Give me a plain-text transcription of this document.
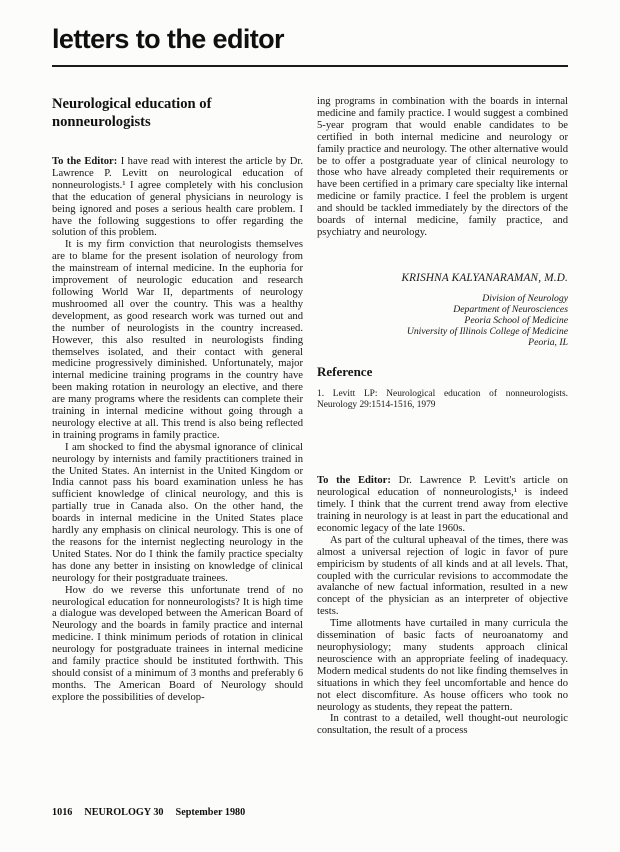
letters to the editor
Neurological education of nonneurologists

To the Editor: I have read with interest the article by Dr. Lawrence P. Levitt on neurological education of nonneurologists.¹ I agree completely with his conclusion that the education of general physicians in neurology is being ignored and poses a serious health care problem. I have the following suggestions to offer regarding the solution of this problem.

It is my firm conviction that neurologists themselves are to blame for the present isolation of neurology from the mainstream of internal medicine. In the euphoria for improvement of neurologic education and research following World War II, departments of neurology mushroomed all over the country. This was a healthy development, as good research work was turned out and the number of neurologists in the country increased. However, this also resulted in neurologists finding themselves isolated, and their contact with general medicine progressively diminished. Unfortunately, major internal medicine training programs in the country have been making rotation in neurology an elective, and there are many programs where the residents can complete their training in internal medicine without going through a neurology elective at all. This trend is also being reflected in training programs in family practice.

I am shocked to find the abysmal ignorance of clinical neurology by internists and family practitioners trained in the United States. An internist in the United Kingdom or India cannot pass his board examination unless he has sufficient knowledge of clinical neurology, and this is partially true in Canada also. On the other hand, the boards in internal medicine in the United States place hardly any emphasis on clinical neurology. This is one of the reasons for the internist neglecting neurology in the United States. Nor do I think the family practice specialty has done any better in insisting on knowledge of clinical neurology for their postgraduate trainees.

How do we reverse this unfortunate trend of no neurological education for nonneurologists? It is high time a dialogue was developed between the American Board of Neurology and the boards in family practice and internal medicine. I think minimum periods of rotation in clinical neurology for postgraduate trainees in internal medicine and family practice should be instituted forthwith. This should consist of a minimum of 3 months and preferably 6 months. The American Board of Neurology should explore the possibilities of develop-

ing programs in combination with the boards in internal medicine and family practice. I would suggest a combined 5-year program that would enable candidates to be certified in both internal medicine and neurology or family practice and neurology. The other alternative would be to offer a postgraduate year of clinical neurology to those who have already completed their requirements or have been certified in a primary care specialty like internal medicine or family practice. I feel the problem is urgent and should be tackled immediately by the directors of the boards of internal medicine, family practice, and psychiatry and neurology.

KRISHNA KALYANARAMAN, M.D.
Division of Neurology
Department of Neurosciences
Peoria School of Medicine
University of Illinois College of Medicine
Peoria, IL
Reference

1. Levitt LP: Neurological education of nonneurologists. Neurology 29:1514-1516, 1979

To the Editor: Dr. Lawrence P. Levitt's article on neurological education of nonneurologists,¹ is indeed timely. I think that the current trend away from elective training in neurology is at least in part the educational and economic legacy of the late 1960s.

As part of the cultural upheaval of the times, there was almost a universal rejection of logic in favor of pure empiricism by students of all kinds and at all levels. That, coupled with the curricular revisions to accommodate the avalanche of new factual information, resulted in a new concept of the physician as an interpreter of objective tests.

Time allotments have curtailed in many curricula the dissemination of basic facts of neuroanatomy and neurophysiology; many students approach clinical neuroscience with an appropriate feeling of inadequacy. Modern medical students do not like finding themselves in situations in which they feel uncomfortable and hence do not elect discomfiture. As house officers who took no neurology as students, they repeat the pattern.

In contrast to a detailed, well thought-out neurologic consultation, the result of a process

1016 NEUROLOGY 30 September 1980
